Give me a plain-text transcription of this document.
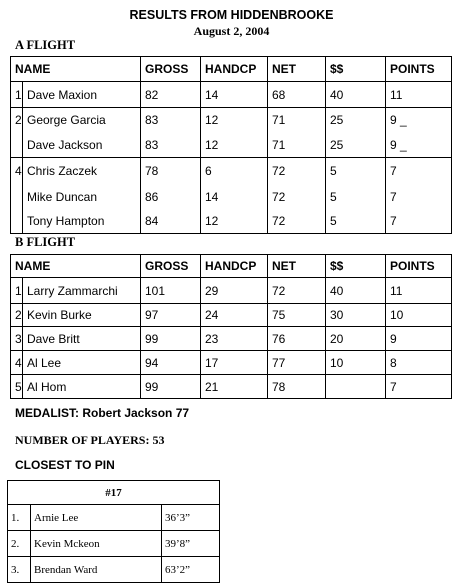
RESULTS FROM HIDDENBROOKE
August 2, 2004
A FLIGHT
NAME		GROSS	HANDCP	NET	$$	POINTS
1	Dave Maxion	82	14	68	40	11
2	George Garcia	83	12	71	25	9 _
	Dave Jackson	83	12	71	25	9 _
4	Chris Zaczek	78	6	72	5	7
	Mike Duncan	86	14	72	5	7
	Tony Hampton	84	12	72	5	7
B FLIGHT
NAME		GROSS	HANDCP	NET	$$	POINTS
1	Larry Zammarchi	101	29	72	40	11
2	Kevin Burke	97	24	75	30	10
3	Dave Britt	99	23	76	20	9
4	Al Lee	94	17	77	10	8
5	Al Hom	99	21	78		7
MEDALIST: Robert Jackson 77
NUMBER OF PLAYERS: 53
CLOSEST TO PIN
#17		
1.	Arnie Lee	36’3”
2.	Kevin Mckeon	39’8”
3.	Brendan Ward	63’2”
